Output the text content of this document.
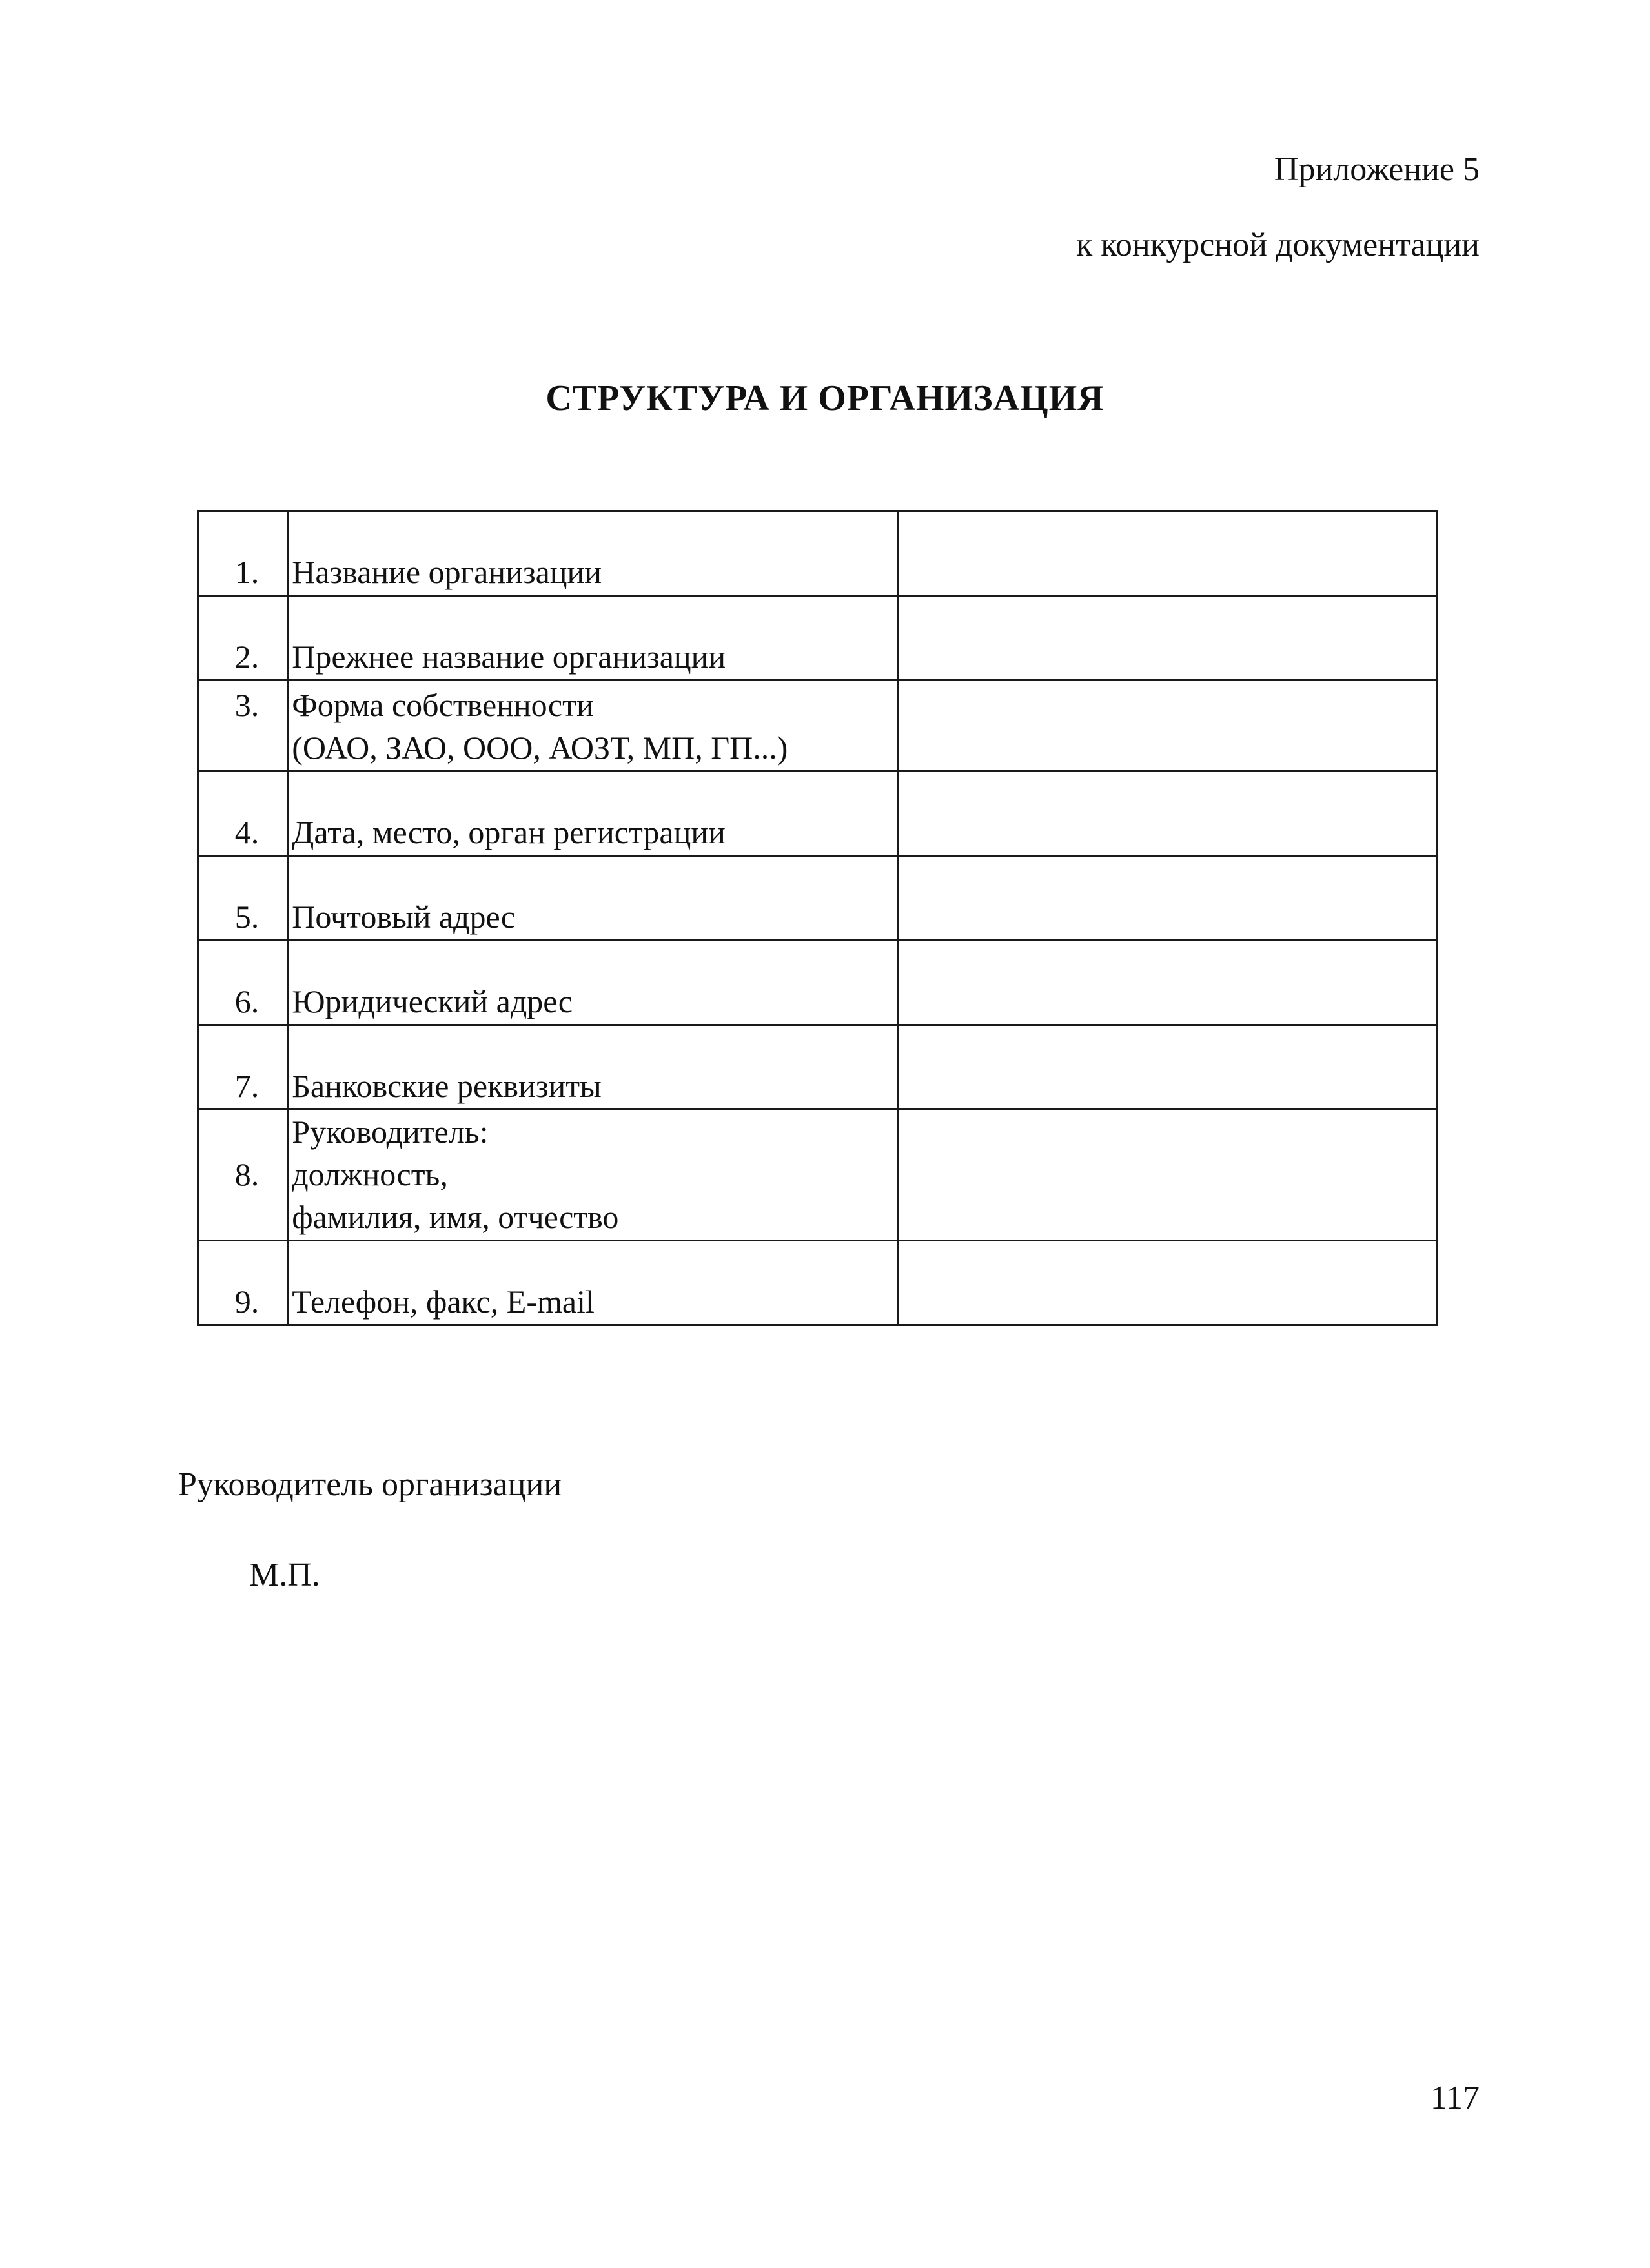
Приложение 5
к конкурсной документации
СТРУКТУРА И ОРГАНИЗАЦИЯ
1.	Название организации	

2.	Прежнее название организации	

3.	Форма собственности
(ОАО, ЗАО, ООО, АОЗТ, МП, ГП...)	

4.	Дата, место, орган регистрации	

5.	Почтовый адрес	

6.	Юридический адрес	

7.	Банковские реквизиты	

8.	Руководитель:
должность,
фамилия, имя, отчество	

9.	Телефон, факс, E-mail	

Руководитель организации
М.П.
117
